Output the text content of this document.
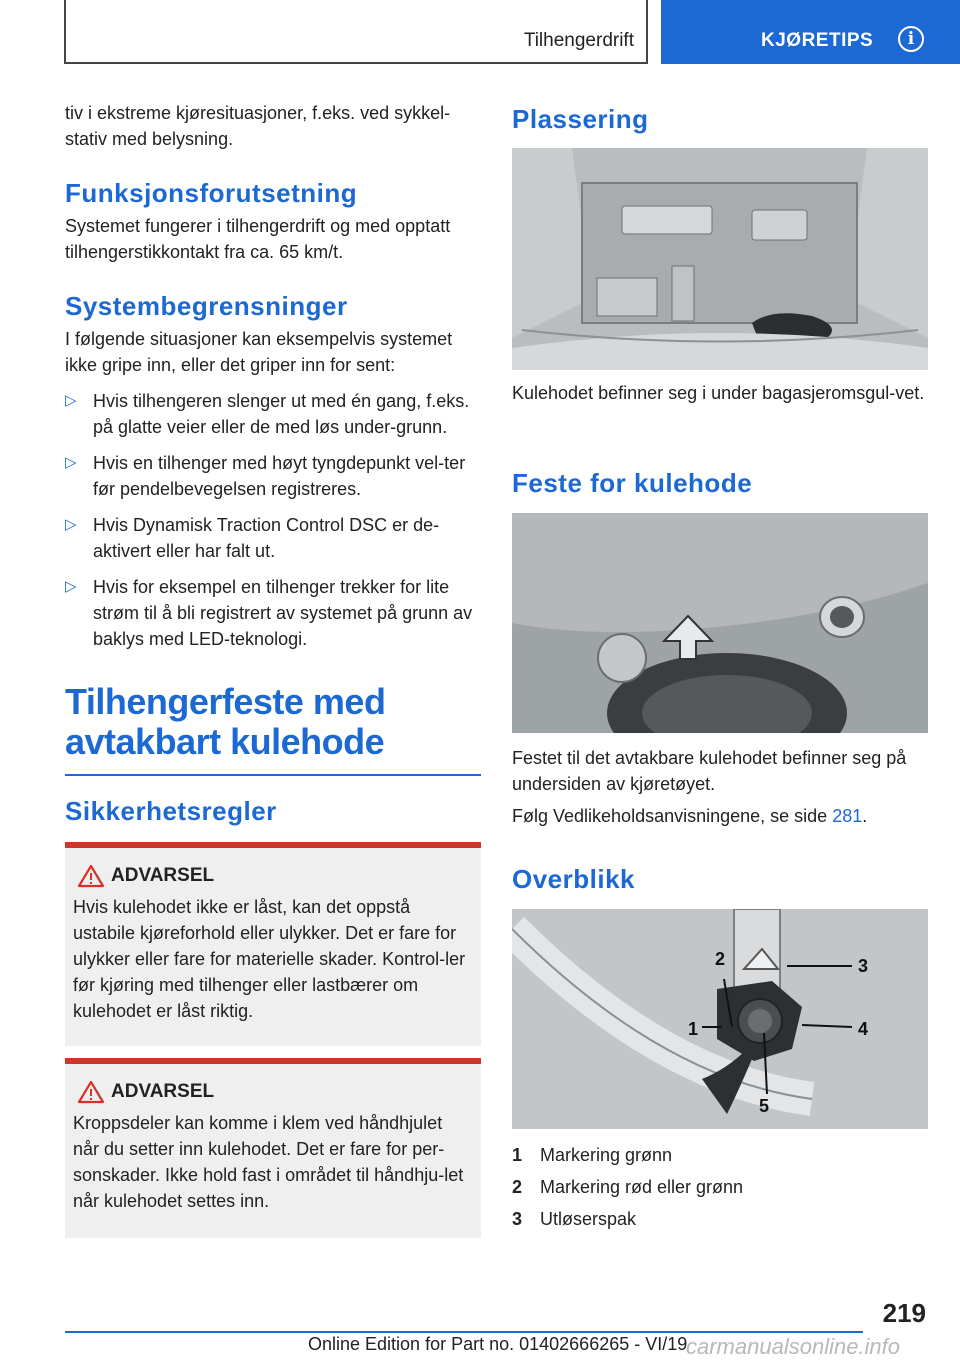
Tilhengerdrift	KJØRETIPS	i

tiv i ekstreme kjøresituasjoner, f.eks. ved sykkel-stativ med belysning.

Funksjonsforutsetning

Systemet fungerer i tilhengerdrift og med opptatt tilhengerstikkontakt fra ca. 65 km/t.

Systembegrensninger

I følgende situasjoner kan eksempelvis systemet ikke gripe inn, eller det griper inn for sent:

▷ Hvis tilhengeren slenger ut med én gang, f.eks. på glatte veier eller de med løs under-grunn.
▷ Hvis en tilhenger med høyt tyngdepunkt vel-ter før pendelbevegelsen registreres.
▷ Hvis Dynamisk Traction Control DSC er de-aktivert eller har falt ut.
▷ Hvis for eksempel en tilhenger trekker for lite strøm til å bli registrert av systemet på grunn av baklys med LED-teknologi.
Tilhengerfeste med avtakbart kulehode
Sikkerhetsregler
ADVARSEL

Hvis kulehodet ikke er låst, kan det oppstå ustabile kjøreforhold eller ulykker. Det er fare for ulykker eller fare for materielle skader. Kontrol-ler før kjøring med tilhenger eller lastbærer om kulehodet er låst riktig.

ADVARSEL

Kroppsdeler kan komme i klem ved håndhjulet når du setter inn kulehodet. Det er fare for per-sonskader. Ikke hold fast i området til håndhju-let når kulehodet settes inn.

Plassering

Kulehodet befinner seg i under bagasjeromsgul-vet.

Feste for kulehode

Festet til det avtakbare kulehodet befinner seg på undersiden av kjøretøyet.

Følg Vedlikeholdsanvisningene, se side 281.

Overblikk
2	3
4
1
5

1 Markering grønn

2 Markering rød eller grønn

3 Utløserspak

219
Online Edition for Part no. 01402666265 - VI/19
carmanualsonline.info
